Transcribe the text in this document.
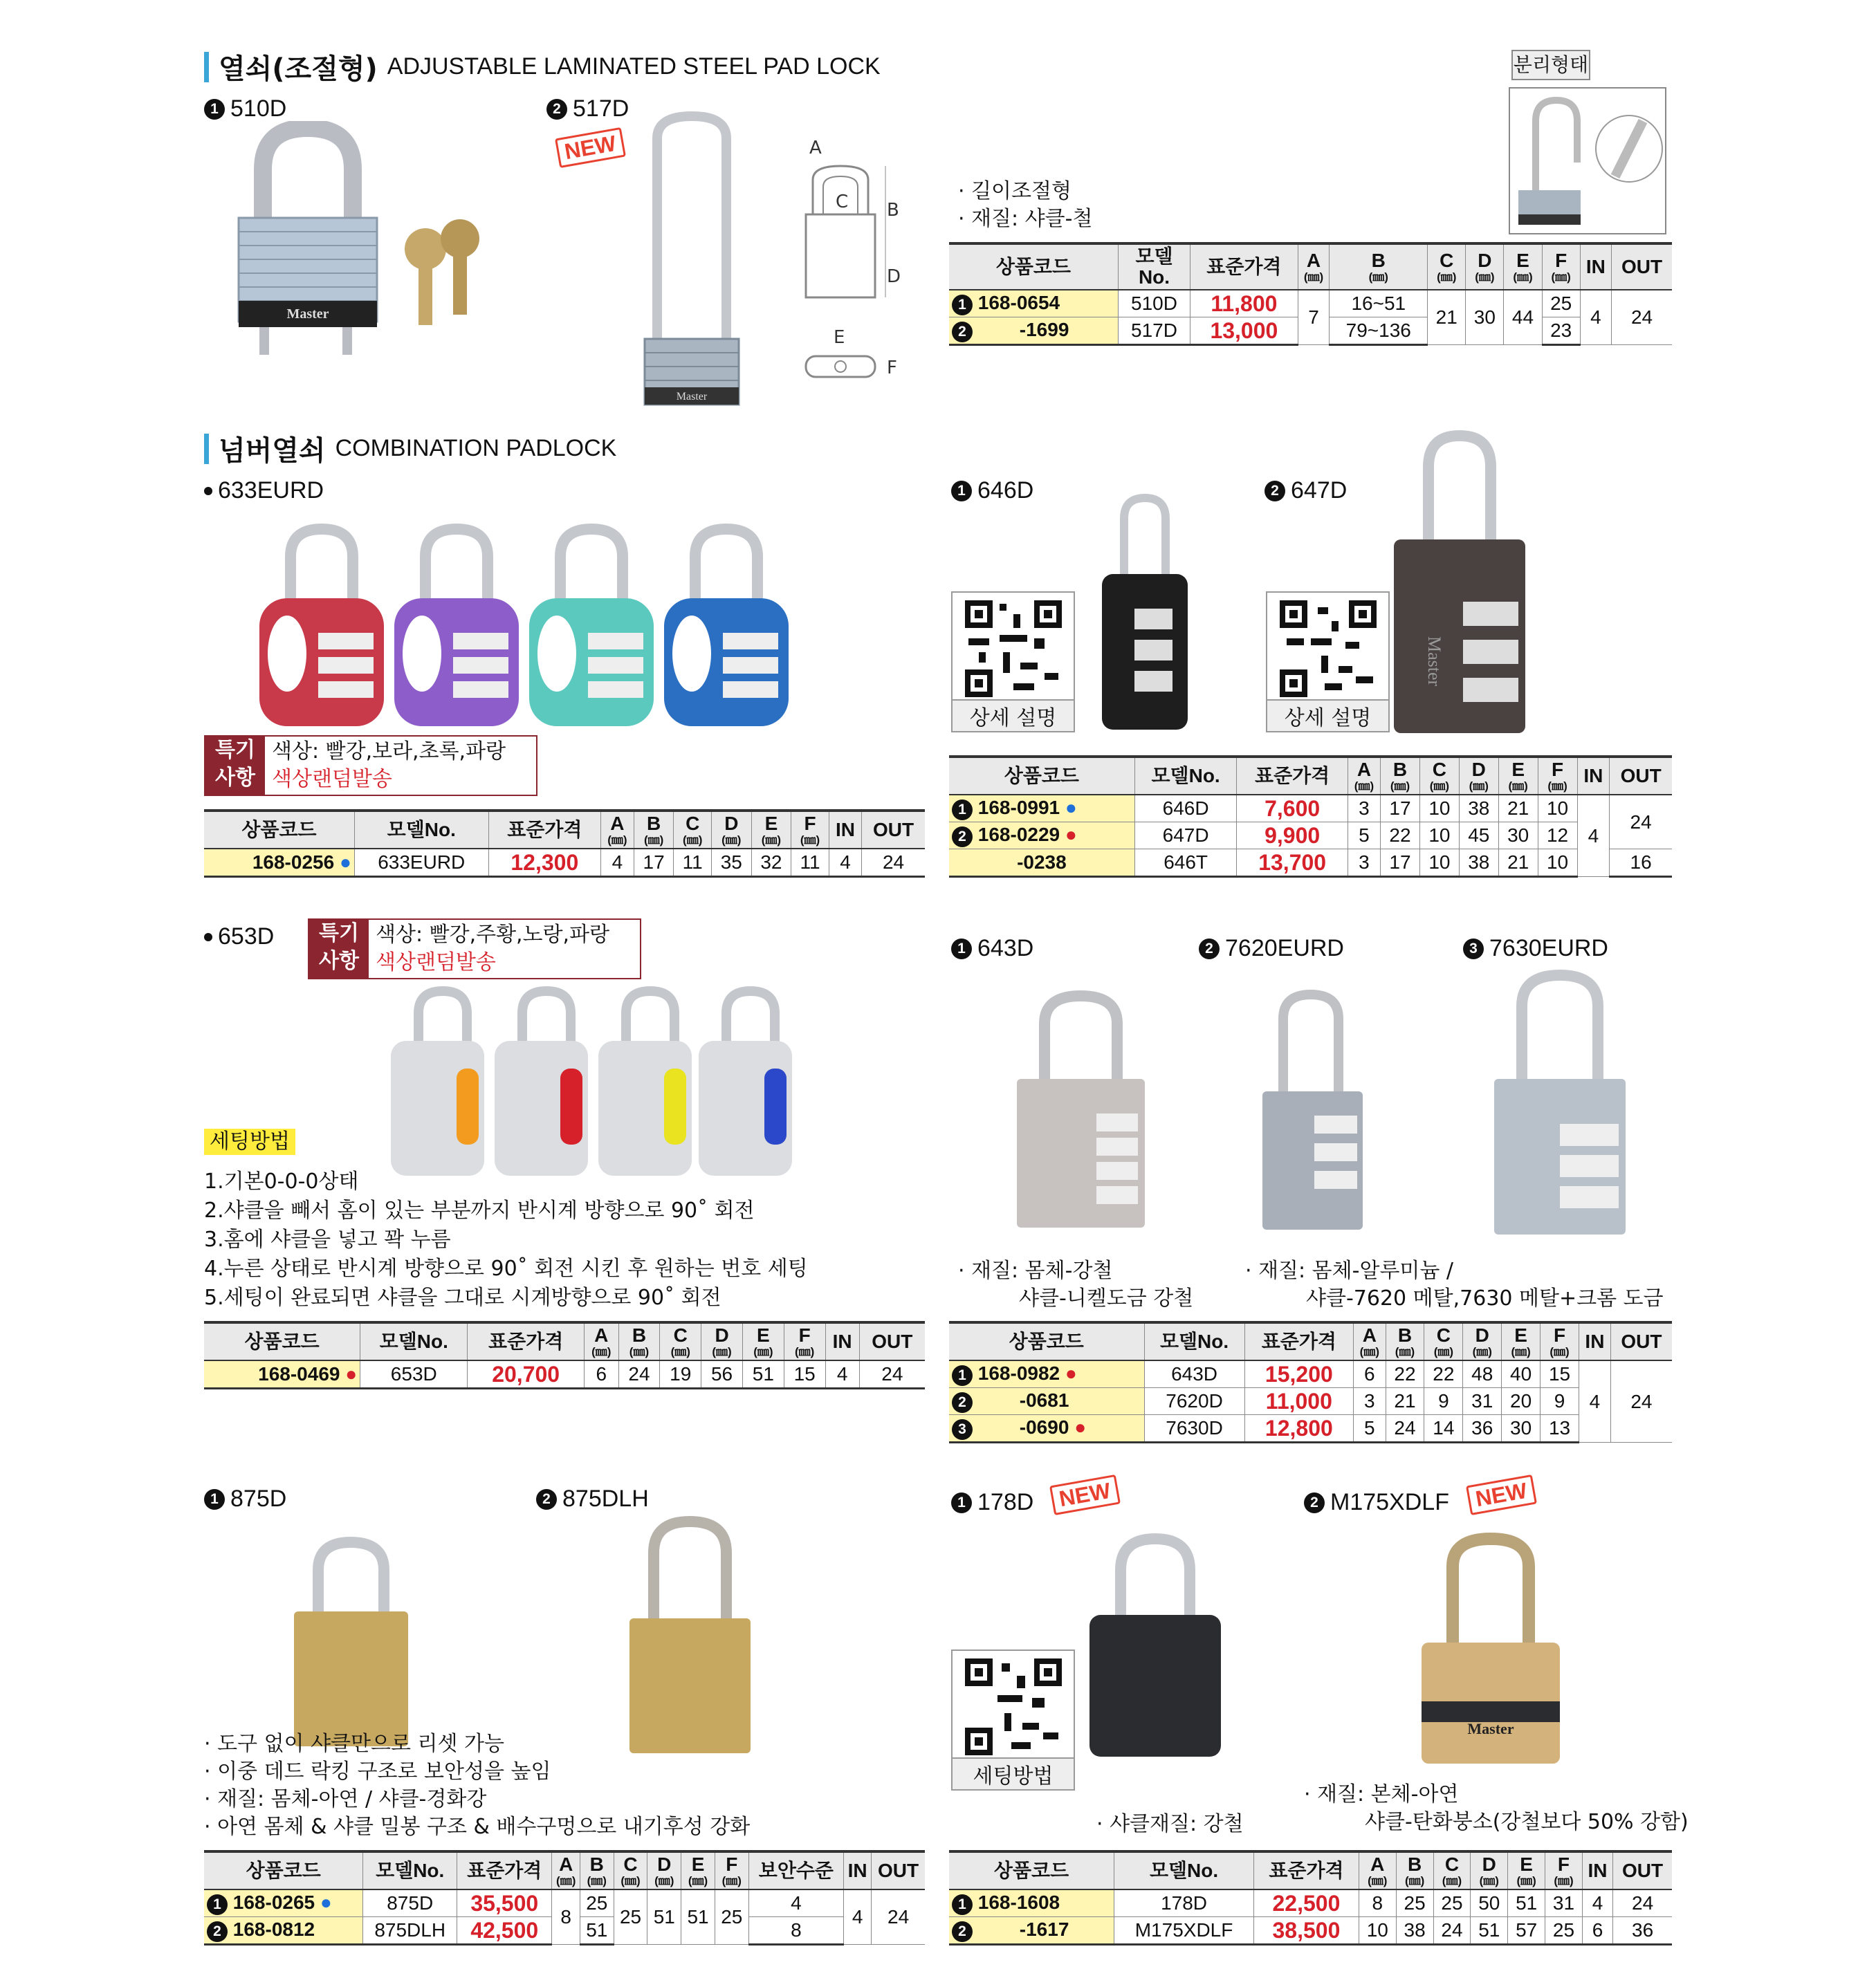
열쇠(조절형) ADJUSTABLE LAMINATED STEEL PAD LOCK
1 510D	2 517D
NEW
Master
Master
A
C B
D
E
F
분리형태
· 길이조절형
· 재질: 샤클-철
상품코드	모델
No.	표준가격	A
(㎜)	B
(㎜)	C
(㎜)	D
(㎜)	E
(㎜)	F
(㎜)	IN	OUT
1 168-0654	510D	11,800	7	16~51	21	30	44	25	4	24
2 -1699	517D	13,000		79~136				23		
넘버열쇠 COMBINATION PADLOCK
633EURD
특기
사항
색상: 빨강,보라,초록,파랑
색상랜덤발송
상품코드	모델No.	표준가격	A
(㎜)	B
(㎜)	C
(㎜)	D
(㎜)	E
(㎜)	F
(㎜)	IN	OUT
168-0256 ●	633EURD	12,300	4	17	11	35	32	11	4	24
1 646D	2 647D
상세 설명	상세 설명
Master
상품코드	모델No.	표준가격	A
(㎜)	B
(㎜)	C
(㎜)	D
(㎜)	E
(㎜)	F
(㎜)	IN	OUT
1 168-0991 ●	646D	7,600	3	17	10	38	21	10	4	24
2 168-0229 ●	647D	9,900	5	22	10	45	30	12		
-0238	646T	13,700	3	17	10	38	21	10		16
653D	특기
사항
색상: 빨강,주황,노랑,파랑
색상랜덤발송
세팅방법
1.기본0-0-0상태
2.샤클을 빼서 홈이 있는 부분까지 반시계 방향으로 90˚ 회전
3.홈에 샤클을 넣고 꽉 누름
4.누른 상태로 반시계 방향으로 90˚ 회전 시킨 후 원하는 번호 세팅
5.세팅이 완료되면 샤클을 그대로 시계방향으로 90˚ 회전
상품코드	모델No.	표준가격	A
(㎜)	B
(㎜)	C
(㎜)	D
(㎜)	E
(㎜)	F
(㎜)	IN	OUT
168-0469 ●	653D	20,700	6	24	19	56	51	15	4	24
1 643D	2 7620EURD	3 7630EURD
· 재질: 몸체-강철
샤클-니켈도금 강철
· 재질: 몸체-알루미늄 /
샤클-7620 메탈,7630 메탈+크롬 도금
상품코드	모델No.	표준가격	A
(㎜)	B
(㎜)	C
(㎜)	D
(㎜)	E
(㎜)	F
(㎜)	IN	OUT
1 168-0982 ●	643D	15,200	6	22	22	48	40	15	4	24
2 -0681	7620D	11,000	3	21	9	31	20	9		
3 -0690 ●	7630D	12,800	5	24	14	36	30	13		
1 875D	2 875DLH
· 도구 없이 샤클만으로 리셋 가능
· 이중 데드 락킹 구조로 보안성을 높임
· 재질: 몸체-아연 / 샤클-경화강
· 아연 몸체 & 샤클 밀봉 구조 & 배수구멍으로 내기후성 강화
상품코드	모델No.	표준가격	A
(㎜)	B
(㎜)	C
(㎜)	D
(㎜)	E
(㎜)	F
(㎜)	보안수준	IN	OUT
1 168-0265 ●	875D	35,500	8	25	25	51	51	25	4	4	24
2 168-0812	875DLH	42,500		51					8		
1 178D	NEW	2 M175XDLF	NEW
세팅방법
Master
· 샤클재질: 강철
· 재질: 본체-아연
샤클-탄화붕소(강철보다 50% 강함)
상품코드	모델No.	표준가격	A
(㎜)	B
(㎜)	C
(㎜)	D
(㎜)	E
(㎜)	F
(㎜)	IN	OUT
1 168-1608	178D	22,500	8	25	25	50	51	31	4	24
2 -1617	M175XDLF	38,500	10	38	24	51	57	25	6	36
